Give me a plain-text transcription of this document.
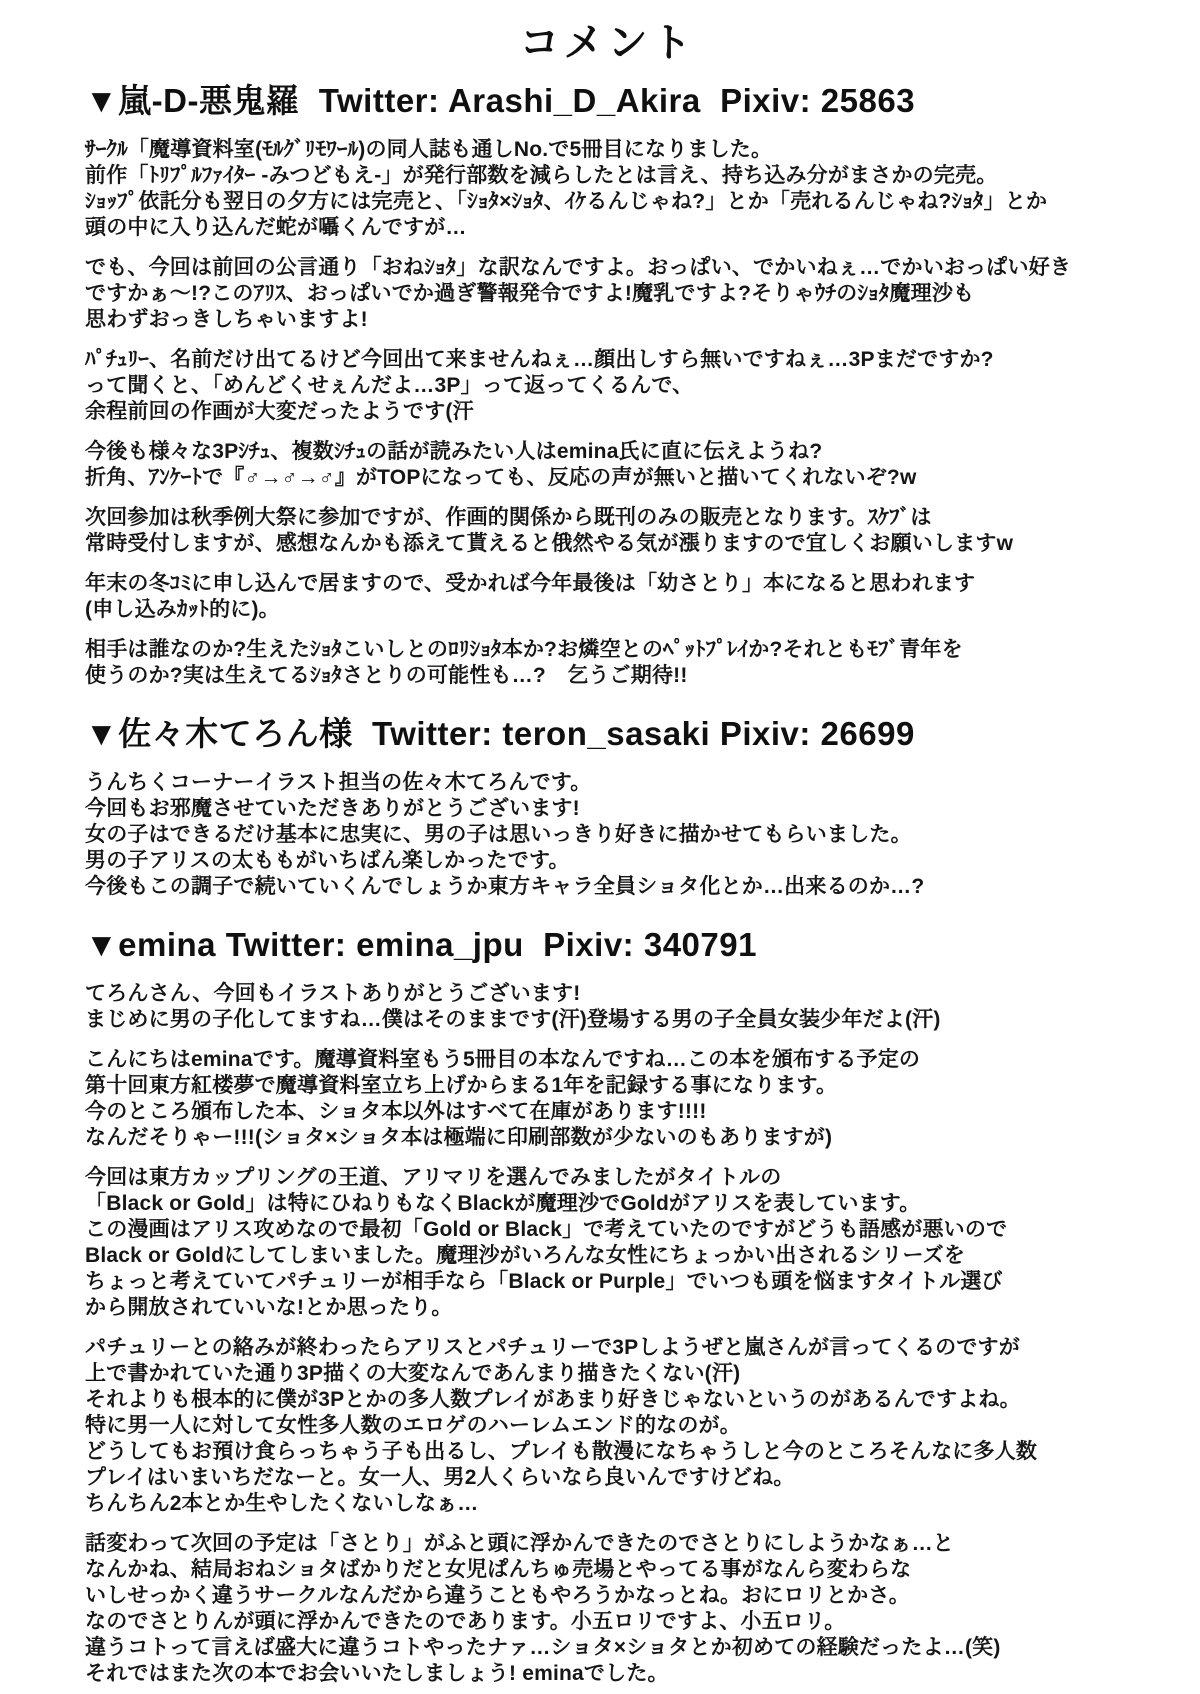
コメント
▼嵐-D-悪鬼羅  Twitter: Arashi_D_Akira  Pixiv: 25863
ｻｰｸﾙ「魔導資料室(ﾓﾙｸﾞﾘﾓﾜｰﾙ)の同人誌も通しNo.で5冊目になりました。
前作「ﾄﾘﾌﾟﾙﾌｧｲﾀｰ -みつどもえ-」が発行部数を減らしたとは言え、持ち込み分がまさかの完売。
ｼｮｯﾌﾟ依託分も翌日の夕方には完売と、「ｼｮﾀ×ｼｮﾀ、ｲｹるんじゃね?」とか「売れるんじゃね?ｼｮﾀ」とか
頭の中に入り込んだ蛇が囁くんですが…
でも、今回は前回の公言通り「おねｼｮﾀ」な訳なんですよ。おっぱい、でかいねぇ…でかいおっぱい好き
ですかぁ〜!?このｱﾘｽ、おっぱいでか過ぎ警報発令ですよ!魔乳ですよ?そりゃｳﾁのｼｮﾀ魔理沙も
思わずおっきしちゃいますよ!
ﾊﾟﾁｭﾘｰ、名前だけ出てるけど今回出て来ませんねぇ…顔出しすら無いですねぇ…3Pまだですか?
って聞くと、「めんどくせぇんだよ…3P」って返ってくるんで、
余程前回の作画が大変だったようです(汗
今後も様々な3Pｼﾁｭ、複数ｼﾁｭの話が読みたい人はemina氏に直に伝えようね?
折角、ｱﾝｹｰﾄで『♂→♂→♂』がTOPになっても、反応の声が無いと描いてくれないぞ?w
次回参加は秋季例大祭に参加ですが、作画的関係から既刊のみの販売となります。ｽｹﾌﾞは
常時受付しますが、感想なんかも添えて貰えると俄然やる気が漲りますので宜しくお願いしますw
年末の冬ｺﾐに申し込んで居ますので、受かれば今年最後は「幼さとり」本になると思われます
(申し込みｶｯﾄ的に)。
相手は誰なのか?生えたｼｮﾀこいしとのﾛﾘｼｮﾀ本か?お燐空とのﾍﾟｯﾄﾌﾟﾚｲか?それともﾓﾌﾞ青年を
使うのか?実は生えてるｼｮﾀさとりの可能性も…?　乞うご期待!!
▼佐々木てろん様  Twitter: teron_sasaki Pixiv: 26699
うんちくコーナーイラスト担当の佐々木てろんです。
今回もお邪魔させていただきありがとうございます!
女の子はできるだけ基本に忠実に、男の子は思いっきり好きに描かせてもらいました。
男の子アリスの太ももがいちばん楽しかったです。
今後もこの調子で続いていくんでしょうか東方キャラ全員ショタ化とか…出来るのか…?
▼emina Twitter: emina_jpu  Pixiv: 340791
てろんさん、今回もイラストありがとうございます!
まじめに男の子化してますね…僕はそのままです(汗)登場する男の子全員女装少年だよ(汗)
こんにちはeminaです。魔導資料室もう5冊目の本なんですね…この本を頒布する予定の
第十回東方紅楼夢で魔導資料室立ち上げからまる1年を記録する事になります。
今のところ頒布した本、ショタ本以外はすべて在庫があります!!!!
なんだそりゃー!!!(ショタ×ショタ本は極端に印刷部数が少ないのもありますが)
今回は東方カップリングの王道、アリマリを選んでみましたがタイトルの
「Black or Gold」は特にひねりもなくBlackが魔理沙でGoldがアリスを表しています。
この漫画はアリス攻めなので最初「Gold or Black」で考えていたのですがどうも語感が悪いので
Black or Goldにしてしまいました。魔理沙がいろんな女性にちょっかい出されるシリーズを
ちょっと考えていてパチュリーが相手なら「Black or Purple」でいつも頭を悩ますタイトル選び
から開放されていいな!とか思ったり。
パチュリーとの絡みが終わったらアリスとパチュリーで3Pしようぜと嵐さんが言ってくるのですが
上で書かれていた通り3P描くの大変なんであんまり描きたくない(汗)
それよりも根本的に僕が3Pとかの多人数プレイがあまり好きじゃないというのがあるんですよね。
特に男一人に対して女性多人数のエロゲのハーレムエンド的なのが。
どうしてもお預け食らっちゃう子も出るし、プレイも散漫になちゃうしと今のところそんなに多人数
プレイはいまいちだなーと。女一人、男2人くらいなら良いんですけどね。
ちんちん2本とか生やしたくないしなぁ…
話変わって次回の予定は「さとり」がふと頭に浮かんできたのでさとりにしようかなぁ…と
なんかね、結局おねショタばかりだと女児ぱんちゅ売場とやってる事がなんら変わらな
いしせっかく違うサークルなんだから違うこともやろうかなっとね。おにロリとかさ。
なのでさとりんが頭に浮かんできたのであります。小五ロリですよ、小五ロリ。
違うコトって言えば盛大に違うコトやったナァ…ショタ×ショタとか初めての経験だったよ…(笑)
それではまた次の本でお会いいたしましょう! eminaでした。
